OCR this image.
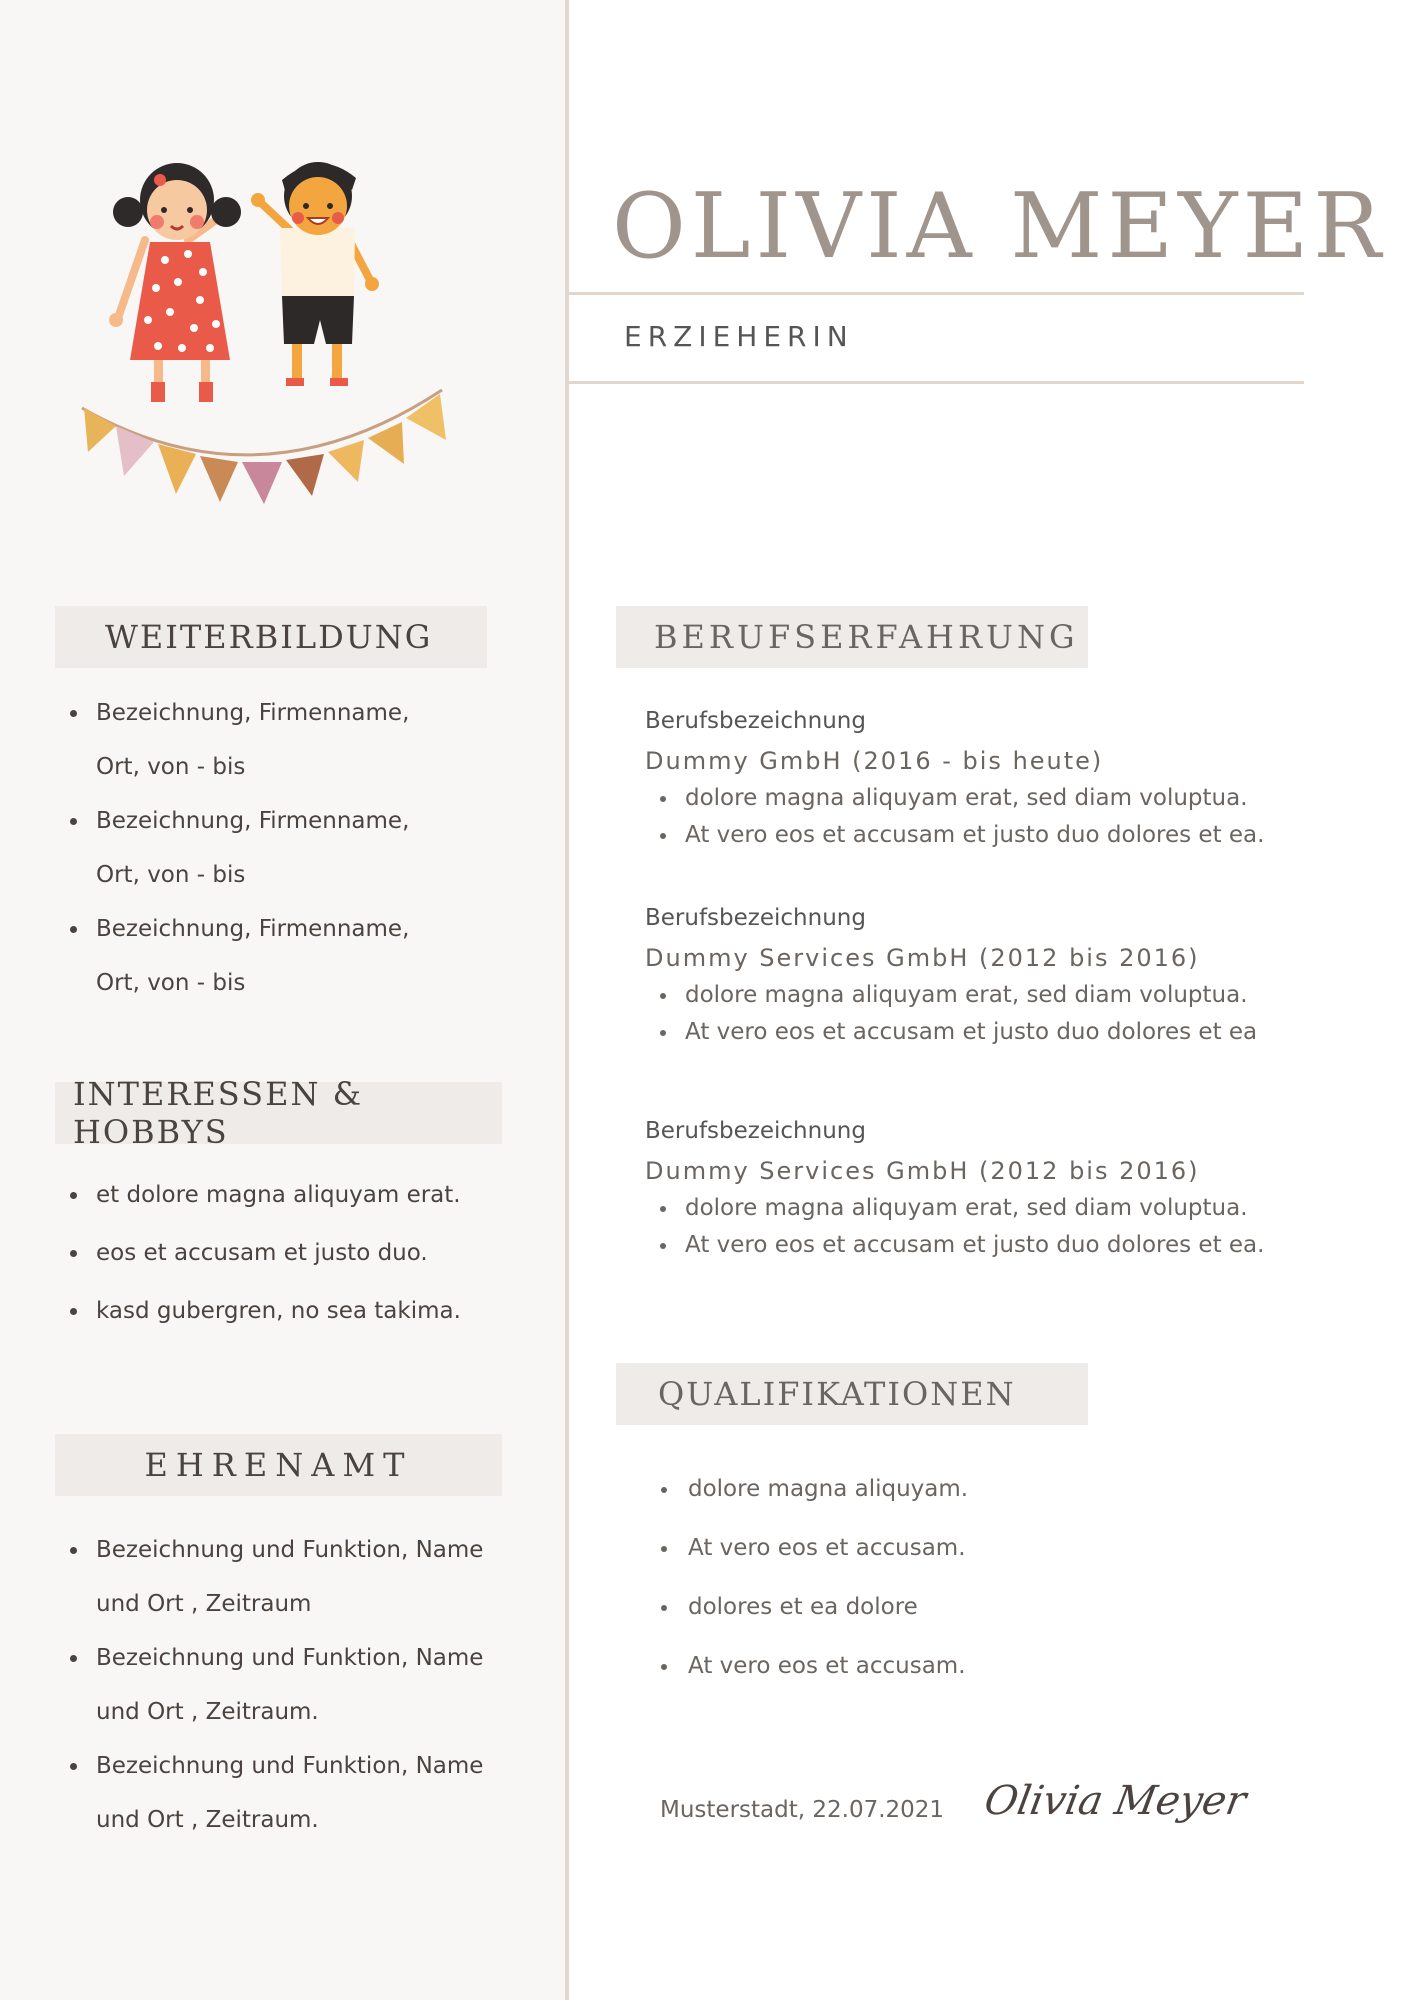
OLIVIA MEYER
ERZIEHERIN
WEITERBILDUNG
Bezeichnung, Firmenname,
Ort, von - bis
Bezeichnung, Firmenname,
Ort, von - bis
Bezeichnung, Firmenname,
Ort, von - bis
INTERESSEN & HOBBYS
et dolore magna aliquyam erat.
eos et accusam et justo duo.
kasd gubergren, no sea takima.
EHRENAMT
Bezeichnung und Funktion, Name
und Ort , Zeitraum
Bezeichnung und Funktion, Name
und Ort , Zeitraum.
Bezeichnung und Funktion, Name
und Ort , Zeitraum.
BERUFSERFAHRUNG
Berufsbezeichnung
Dummy GmbH (2016 - bis heute)
dolore magna aliquyam erat, sed diam voluptua.
At vero eos et accusam et justo duo dolores et ea.
Berufsbezeichnung
Dummy Services GmbH (2012 bis 2016)
dolore magna aliquyam erat, sed diam voluptua.
At vero eos et accusam et justo duo dolores et ea
Berufsbezeichnung
Dummy Services GmbH (2012 bis 2016)
dolore magna aliquyam erat, sed diam voluptua.
At vero eos et accusam et justo duo dolores et ea.
QUALIFIKATIONEN
dolore magna aliquyam.
At vero eos et accusam.
dolores et ea dolore
At vero eos et accusam.
Musterstadt, 22.07.2021 Olivia Meyer
